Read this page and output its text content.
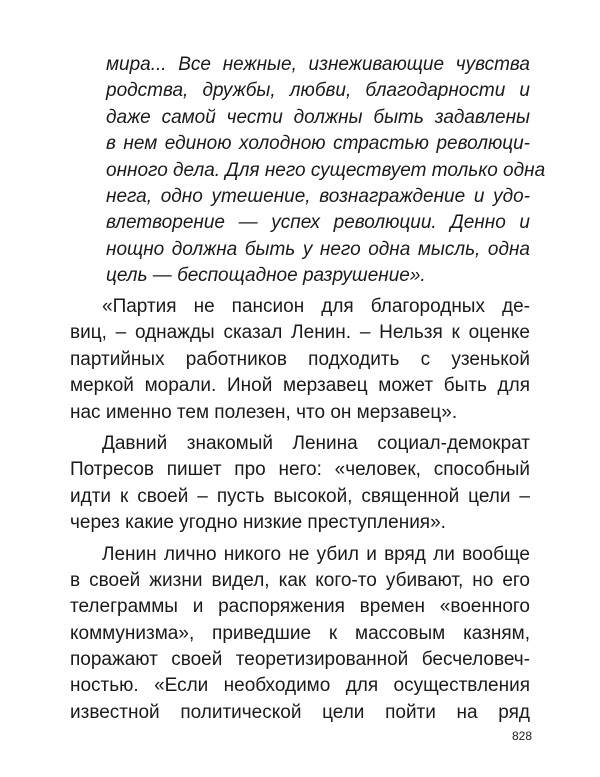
мира... Все нежные, изнеживающие чувства
родства, дружбы, любви, благодарности и
даже самой чести должны быть задавлены
в нем единою холодною страстью революци-
онного дела. Для него существует только одна
нега, одно утешение, вознаграждение и удо-
влетворение — успех революции. Денно и
нощно должна быть у него одна мысль, одна
цель — беспощадное разрушение».
«Партия не пансион для благородных де-
виц, – однажды сказал Ленин. – Нельзя к оценке
партийных работников подходить с узенькой
меркой морали. Иной мерзавец может быть для
нас именно тем полезен, что он мерзавец».
Давний знакомый Ленина социал-демократ
Потресов пишет про него: «человек, способный
идти к своей – пусть высокой, священной цели –
через какие угодно низкие преступления».
Ленин лично никого не убил и вряд ли вообще
в своей жизни видел, как кого-то убивают, но его
телеграммы и распоряжения времен «военного
коммунизма», приведшие к массовым казням,
поражают своей теоретизированной бесчеловеч-
ностью. «Если необходимо для осуществления
известной политической цели пойти на ряд
828
